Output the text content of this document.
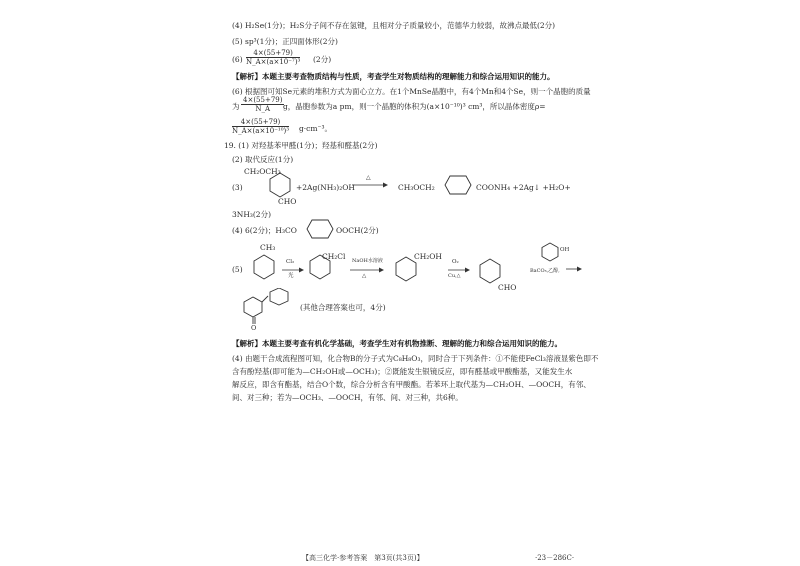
(4) H₂Se(1分)；H₂S分子间不存在氢键，且相对分子质量较小，范德华力较弱，故沸点最低(2分)
(5) sp³(1分)；正四面体形(2分)
$(6) \frac{4\times(55+79)}{\text{N\_A×(a×10⁻⁷)³}} (2$分)
【解析】本题主要考查物质结构与性质，考查学生对物质结构的理解能力和综合运用知识的能力。
(6) 根据图可知Se元素的堆积方式为面心立方。在1个MnSe晶胞中，有4个Mn和4个Se，则一个晶胞的质量
为 $\frac{4\times(55+79)}{N\_A}$
g，晶胞参数为a pm，则一个晶胞的体积为(a×10⁻¹⁰)³ cm³，所以晶体密度ρ=
$\frac{4\times(55+79)}{\text{N\_A×(a×10⁻¹⁰)³}} g\cdot cm^{-3}$。
19. (1) 对羟基苯甲醛(1分)；羟基和醛基(2分)
(2) 取代反应(1分)
CH₂OCH₃
(3)
CHO
+2Ag(NH₃)₂OH
△
CH₃OCH₂	COONH₄ +2Ag↓ +H₂O+
3NH₃(2分)
(4) 6(2分)；H₃CO	OOCH(2分)
CH₃
(5)
Cl₂
光
CH₂Cl NaOH水溶液
△
CH₂OH
O₂
Cu,△
CHO
OH
BaCO₃,乙醇, →
O
(其他合理答案也可，4分)
【解析】本题主要考查有机化学基础，考查学生对有机物推断、理解的能力和综合运用知识的能力。
(4) 由题干合成流程图可知，化合物B的分子式为C₈H₈O₃，同时合于下列条件：①不能使FeCl₃溶液显紫色即不
含有酚羟基(即可能为—CH₂OH或—OCH₃)；②既能发生银镜反应，即有醛基或甲酸酯基，又能发生水
解反应，即含有酯基，结合O个数，综合分析含有甲酸酯。若苯环上取代基为—CH₂OH、—OOCH，有邻、
间、对三种；若为—OCH₃、—OOCH，有邻、间、对三种，共6种。
【高三化学·参考答案　第3页(共3页)】	·23－286C·
